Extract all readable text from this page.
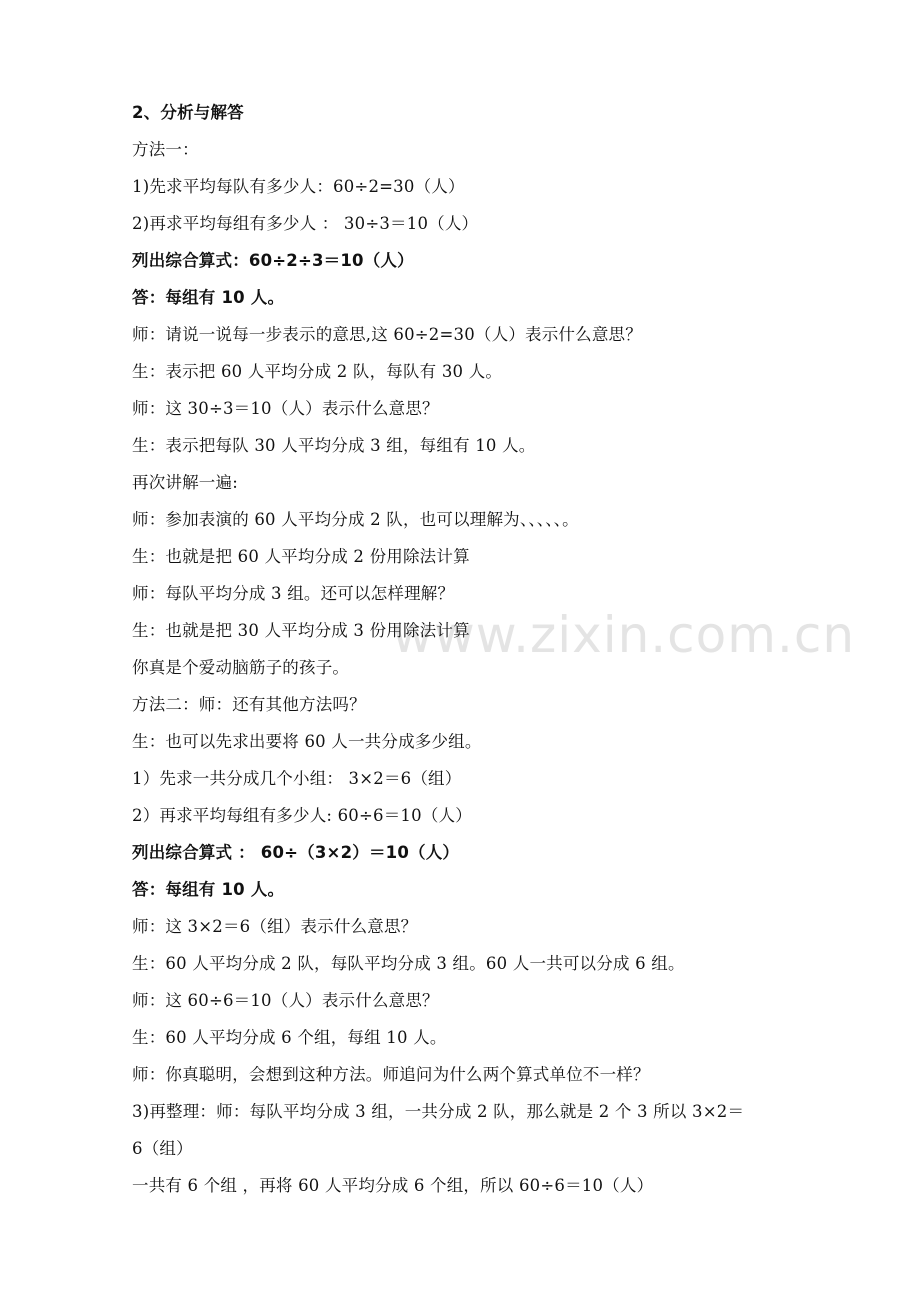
www.zixin.com.cn
2、分析与解答
方法一：
1)先求平均每队有多少人：60÷2=30（人）
2)再求平均每组有多少人 ： 30÷3＝10（人）
列出综合算式：60÷2÷3＝10（人）
答：每组有 10 人。
师：请说一说每一步表示的意思,这 60÷2=30（人）表示什么意思？
生：表示把 60 人平均分成 2 队，每队有 30 人。
师：这 30÷3＝10（人）表示什么意思？
生：表示把每队 30 人平均分成 3 组，每组有 10 人。
再次讲解一遍:
师：参加表演的 60 人平均分成 2 队，也可以理解为、、、、、。
生：也就是把 60 人平均分成 2 份用除法计算
师：每队平均分成 3 组。还可以怎样理解？
生：也就是把 30 人平均分成 3 份用除法计算
你真是个爱动脑筋子的孩子。
方法二：师：还有其他方法吗？
生：也可以先求出要将 60 人一共分成多少组。
1）先求一共分成几个小组： 3×2＝6（组）
2）再求平均每组有多少人: 60÷6＝10（人）
列出综合算式 ： 60÷（3×2）＝10（人）
答：每组有 10 人。
师：这 3×2＝6（组）表示什么意思？
生：60 人平均分成 2 队，每队平均分成 3 组。60 人一共可以分成 6 组。
师：这 60÷6＝10（人）表示什么意思？
生：60 人平均分成 6 个组，每组 10 人。
师：你真聪明，会想到这种方法。师追问为什么两个算式单位不一样？
3)再整理：师：每队平均分成 3 组，一共分成 2 队，那么就是 2 个 3 所以 3×2＝
6（组）
一共有 6 个组 ，再将 60 人平均分成 6 个组，所以 60÷6＝10（人）
